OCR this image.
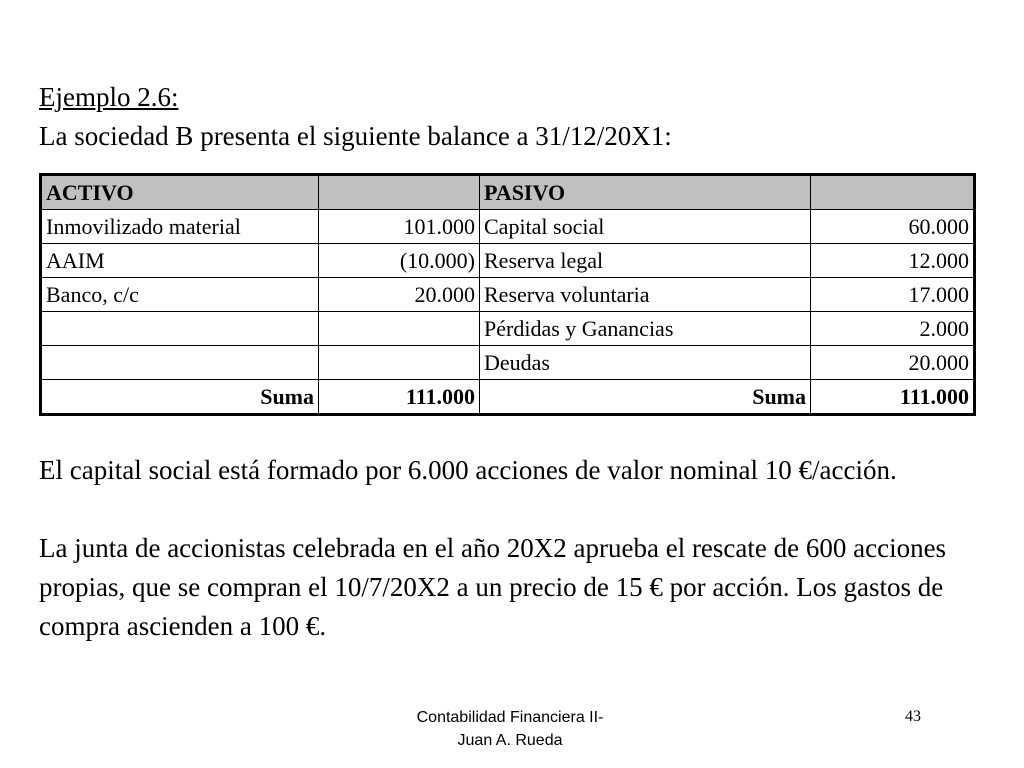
Ejemplo 2.6:
La sociedad B presenta el siguiente balance a 31/12/20X1:
ACTIVO		PASIVO	
Inmovilizado material	101.000	Capital social	60.000
AAIM	(10.000)	Reserva legal	12.000
Banco, c/c	20.000	Reserva voluntaria	17.000
		Pérdidas y Ganancias	2.000
		Deudas	20.000
Suma	111.000	Suma	111.000
El capital social está formado por 6.000 acciones de valor nominal 10 €/acción.
La junta de accionistas celebrada en el año 20X2 aprueba el rescate de 600 acciones propias, que se compran el 10/7/20X2 a un precio de 15 € por acción. Los gastos de compra ascienden a 100 €.
Contabilidad Financiera II-
Juan A. Rueda
43
